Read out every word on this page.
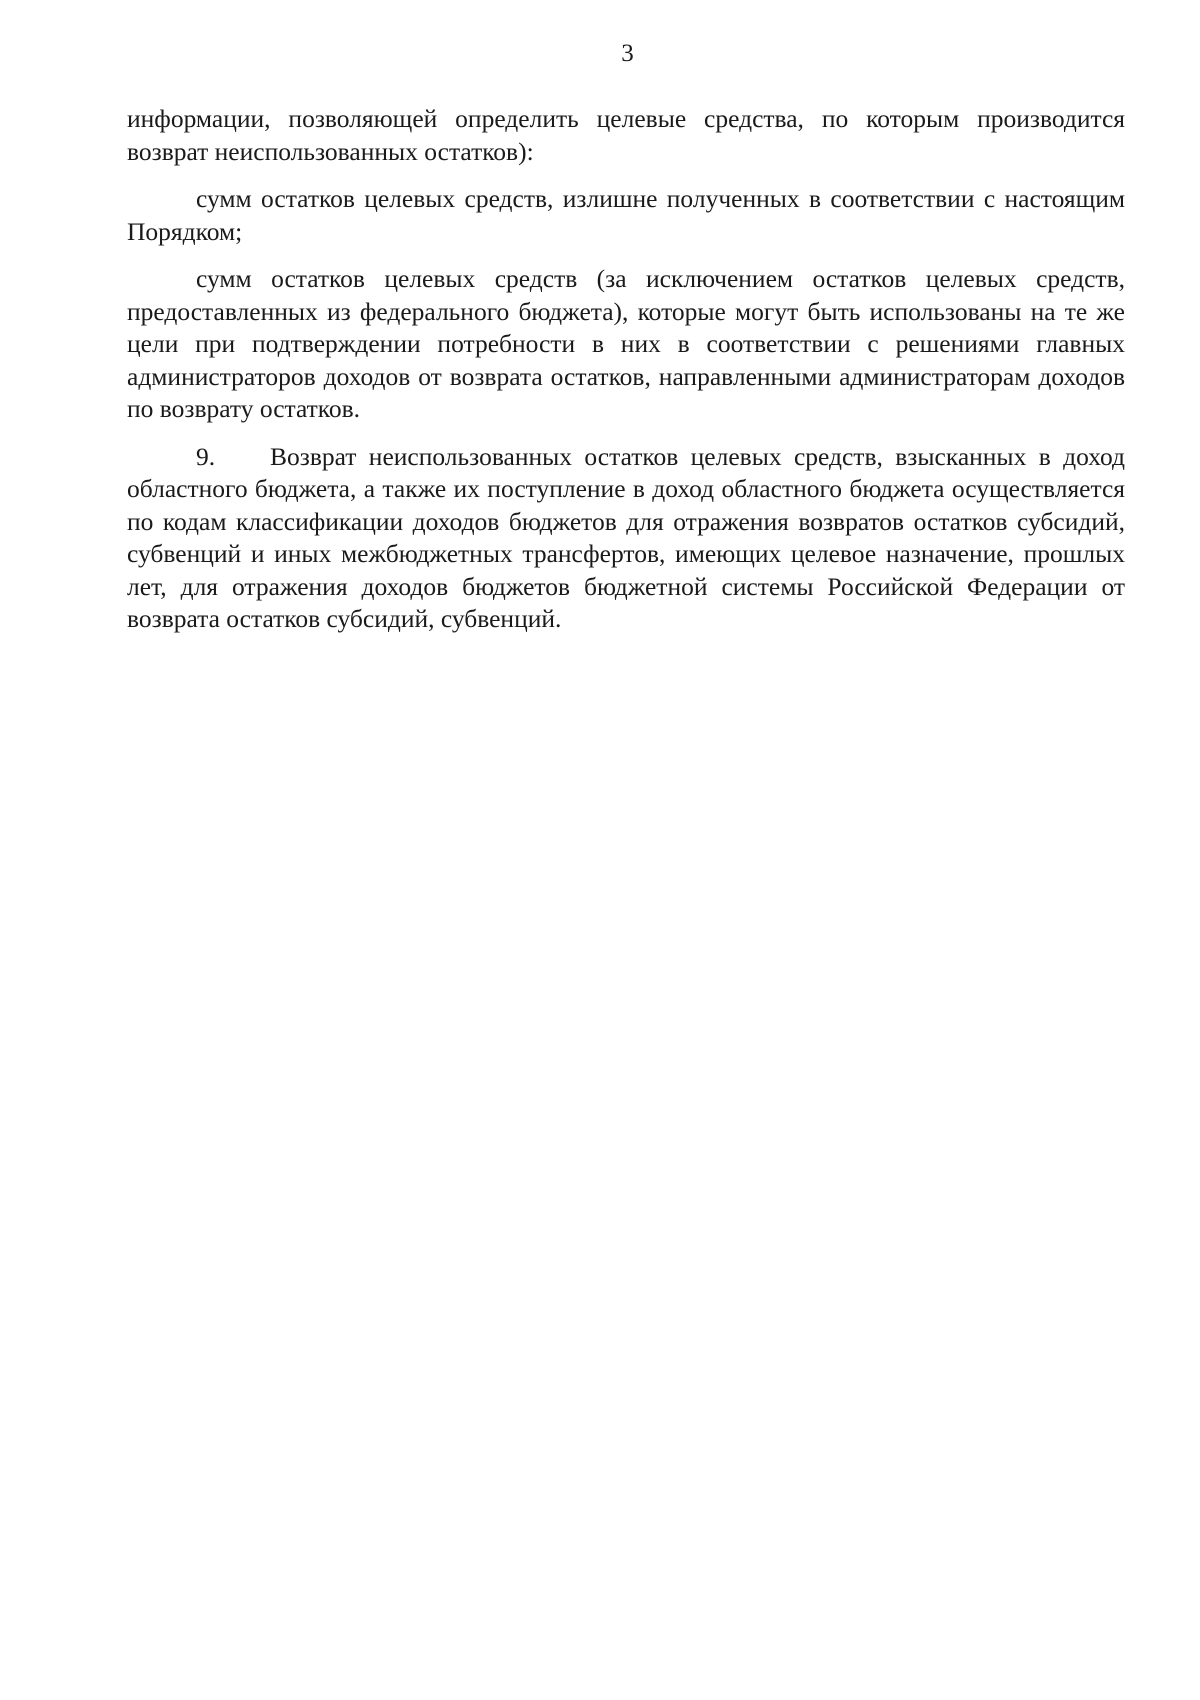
3

информации, позволяющей определить целевые средства, по которым производится возврат неиспользованных остатков):

сумм остатков целевых средств, излишне полученных в соответствии с настоящим Порядком;

сумм остатков целевых средств (за исключением остатков целевых средств, предоставленных из федерального бюджета), которые могут быть использованы на те же цели при подтверждении потребности в них в соответствии с решениями главных администраторов доходов от возврата остатков, направленными администраторам доходов по возврату остатков.

9. Возврат неиспользованных остатков целевых средств, взысканных в доход областного бюджета, а также их поступление в доход областного бюджета осуществляется по кодам классификации доходов бюджетов для отражения возвратов остатков субсидий, субвенций и иных межбюджетных трансфертов, имеющих целевое назначение, прошлых лет, для отражения доходов бюджетов бюджетной системы Российской Федерации от возврата остатков субсидий, субвенций.
